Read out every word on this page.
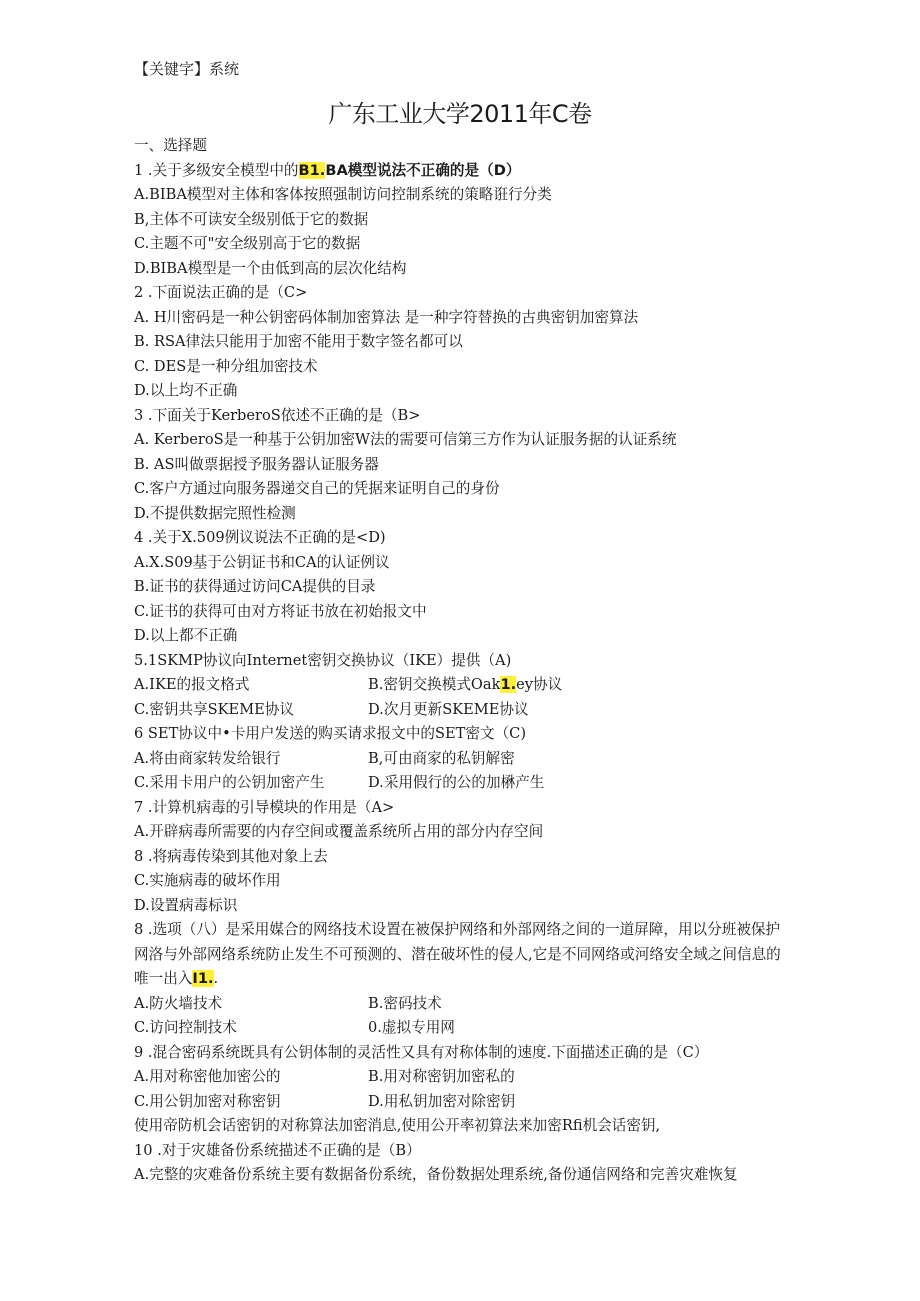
【关键字】系统
广东工业大学2011年C卷
一、选择题
1 .关于多级安全模型中的B1.BA模型说法不正确的是（D）
A.BIBA模型对主体和客体按照强制访问控制系统的策略诳行分类
B,主体不可读安全级别低于它的数据
C.主题不可"安全级别高于它的数据
D.BIBA模型是一个由低到高的层次化结构
2 .下面说法正确的是（C>
A. H川密码是一种公钥密码体制加密算法 是一种字符替换的古典密钥加密算法
B. RSA律法只能用于加密不能用于数字签名都可以
C. DES是一种分组加密技术
D.以上均不正确
3 .下面关于KerberoS依述不正确的是（B>
A. KerberoS是一种基于公钥加密W法的需要可信第三方作为认证服务据的认证系统
B. AS叫做票据授予服务器认证服务器
C.客户方通过向服务器递交自己的凭据来证明自己的身份
D.不提供数据完照性检测
4 .关于X.509例议说法不正确的是<D)
A.X.S09基于公钥证书和CA的认证例议
B.证书的获得通过访问CA提供的目录
C.证书的获得可由对方将证书放在初始报文中
D.以上都不正确
5.1SKMP协议向Internet密钥交换协议（IKE）提供（A)
A.IKE的报文格式	B.密钥交换模式Oak1.ey协议
C.密钥共享SKEME协议	D.次月更新SKEME协议
6 SET协议中•卡用户发送的购买请求报文中的SET密文（C)
A.将由商家转发给银行	B,可由商家的私钥解密
C.采用卡用户的公钥加密产生	D.采用假行的公的加楙产生
7 .计算机病毒的引导模块的作用是（A>
A.开辟病毒所需要的内存空间或覆盖系统所占用的部分内存空间
8 .将病毒传染到其他对象上去
C.实施病毒的破坏作用
D.设置病毒标识
8 .选项（八）是采用媒合的网络技术设置在被保护网络和外部网络之间的一道屏障，用以分班被保护网洛与外部网络系统防止发生不可预测的、潜在破坏性的侵人,它是不同网络或河络安全域之间信息的唯一出入I1..
A.防火墙技术	B.密码技术
C.访问控制技术	0.虚拟专用网
9 .混合密码系统既具有公钥体制的灵活性又具有对称体制的速度.下面描述正确的是（C）
A.用对称密他加密公的	B.用对称密钥加密私的
C.用公钥加密对称密钥	D.用私钥加密对除密钥
使用帝防机会话密钥的对称算法加密消息,使用公开率初算法来加密Rfi机会话密钥,
10 .对于灾雄备份系统描述不正确的是（B）
A.完整的灾难备份系统主要有数据备份系统，备份数据处理系统,备份通信网络和完善灾难恢复
